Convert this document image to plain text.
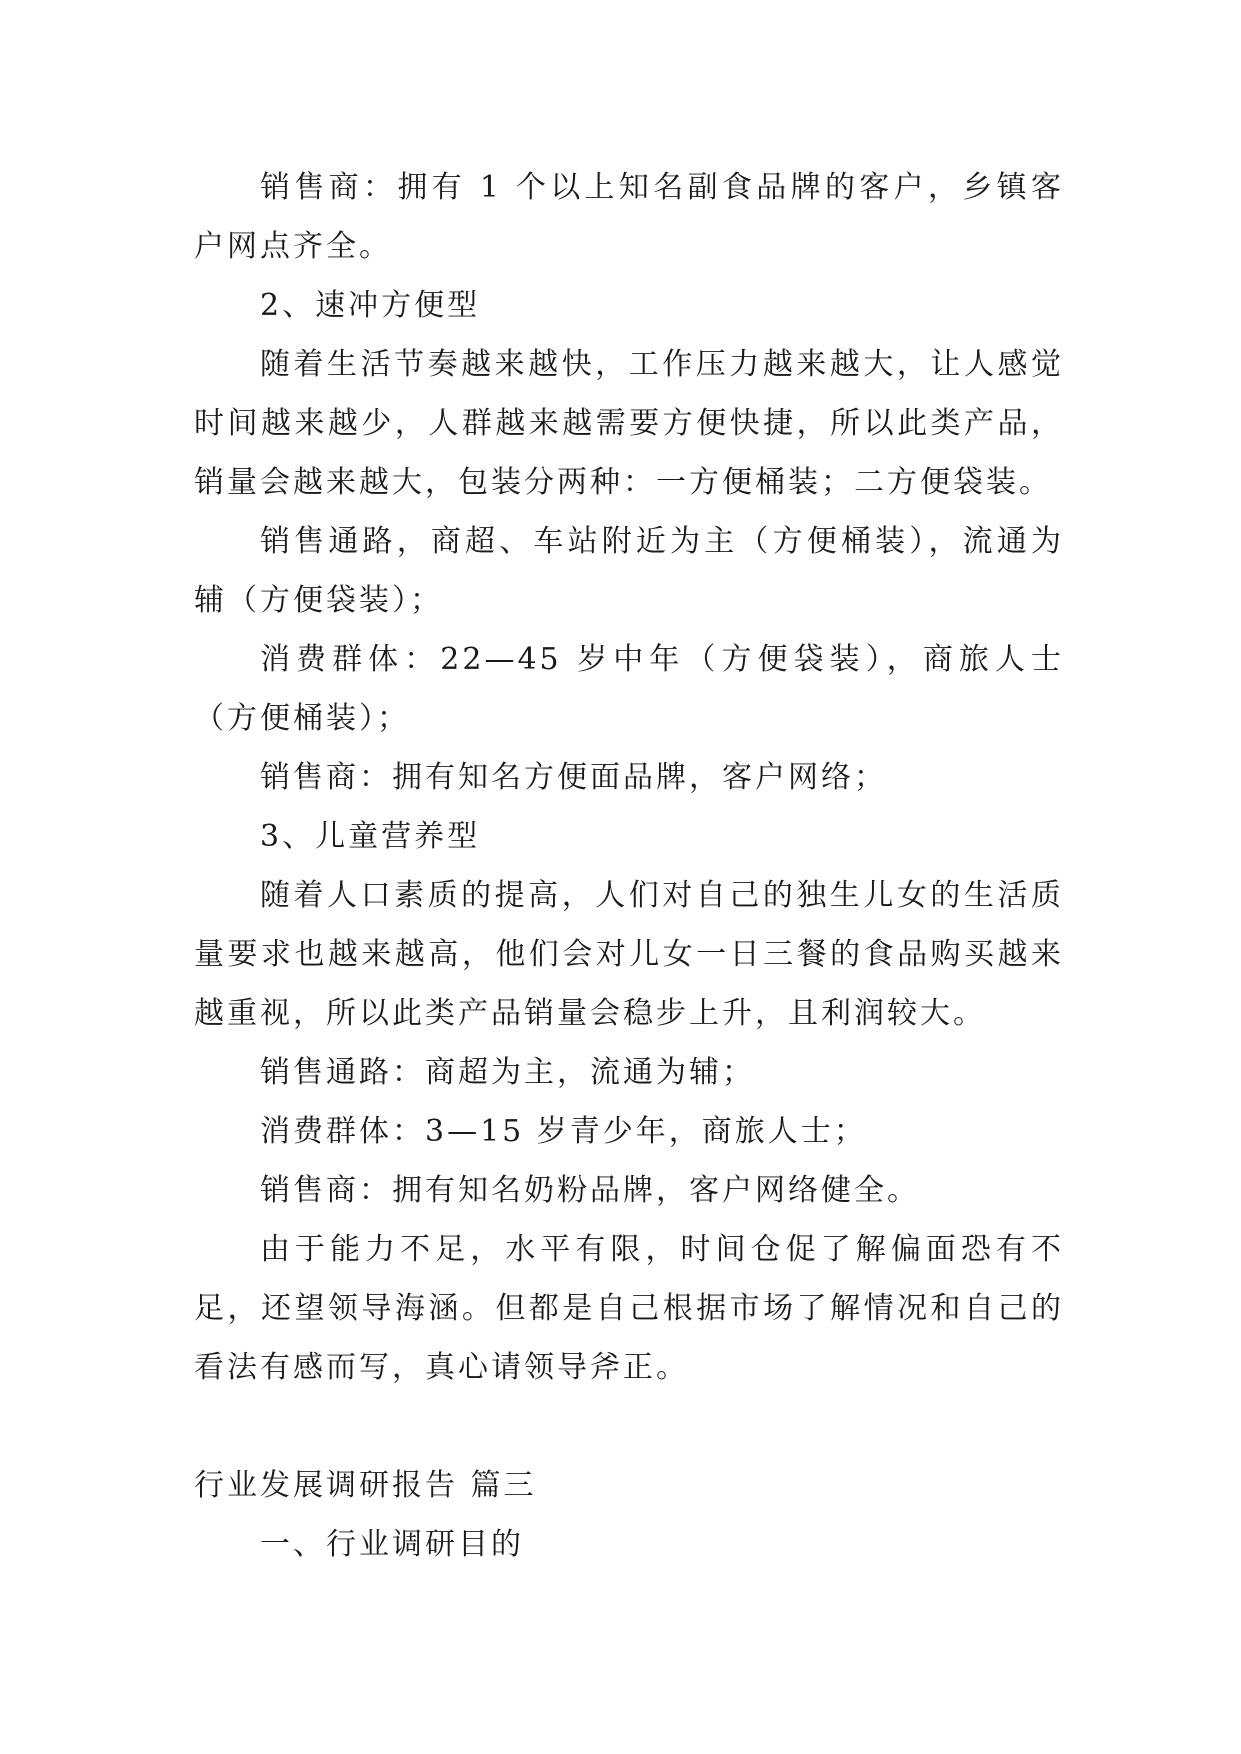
销售商：拥有 1 个以上知名副食品牌的客户，乡镇客户网点齐全。

2、速冲方便型

随着生活节奏越来越快，工作压力越来越大，让人感觉时间越来越少，人群越来越需要方便快捷，所以此类产品，销量会越来越大，包装分两种：一方便桶装；二方便袋装。

销售通路，商超、车站附近为主（方便桶装），流通为辅（方便袋装）；

消费群体：22—45 岁中年（方便袋装），商旅人士（方便桶装）；

销售商：拥有知名方便面品牌，客户网络；

3、儿童营养型

随着人口素质的提高，人们对自己的独生儿女的生活质量要求也越来越高，他们会对儿女一日三餐的食品购买越来越重视，所以此类产品销量会稳步上升，且利润较大。

销售通路：商超为主，流通为辅；

消费群体：3—15 岁青少年，商旅人士；

销售商：拥有知名奶粉品牌，客户网络健全。

由于能力不足，水平有限，时间仓促了解偏面恐有不足，还望领导海涵。但都是自己根据市场了解情况和自己的看法有感而写，真心请领导斧正。

行业发展调研报告 篇三

一、行业调研目的
